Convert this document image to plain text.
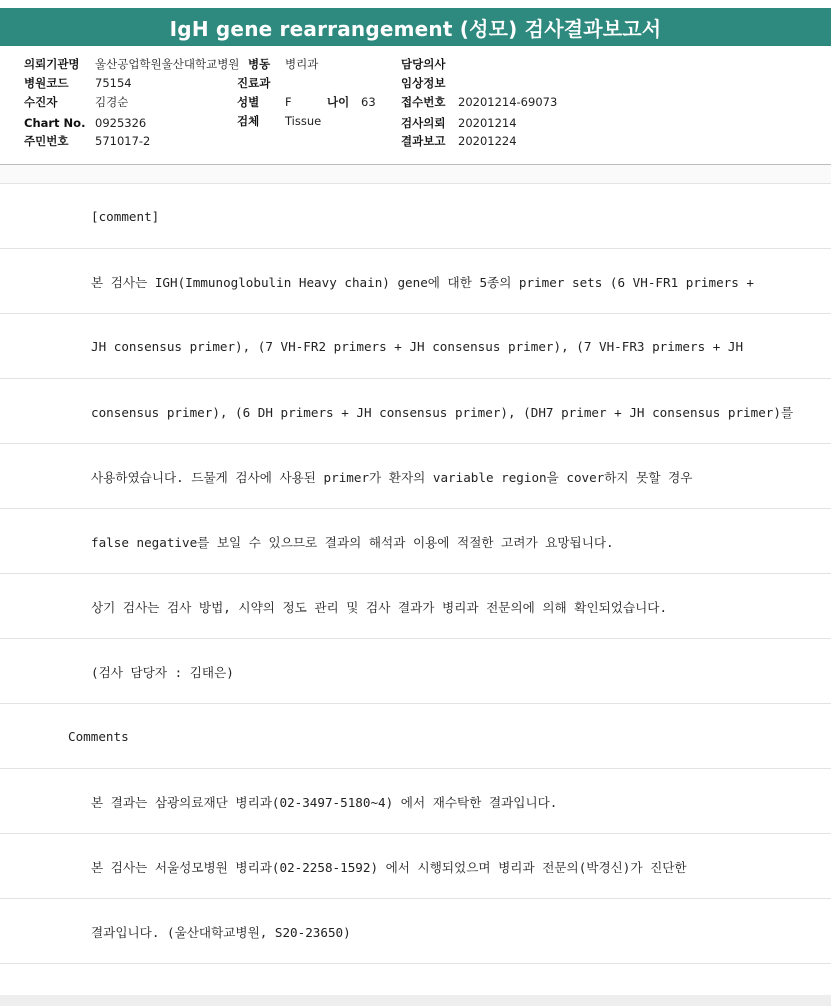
IgH gene rearrangement (성모) 검사결과보고서
의뢰기관명 울산공업학원울산대학교병원 병동 병리과	담당의사
병원코드 75154	진료과	임상정보
수진자	김경순	성별 F	나이 63 접수번호 20201214-69073
Chart No. 0925326	검체 Tissue	검사의뢰 20201214
주민번호 571017-2	결과보고 20201224
[comment]
본 검사는 IGH(Immunoglobulin Heavy chain) gene에 대한 5종의 primer sets (6 VH-FR1 primers +
JH consensus primer), (7 VH-FR2 primers + JH consensus primer), (7 VH-FR3 primers + JH
consensus primer), (6 DH primers + JH consensus primer), (DH7 primer + JH consensus primer)를
사용하였습니다. 드물게 검사에 사용된 primer가 환자의 variable region을 cover하지 못할 경우
false negative를 보일 수 있으므로 결과의 해석과 이용에 적절한 고려가 요망됩니다.
상기 검사는 검사 방법, 시약의 정도 관리 및 검사 결과가 병리과 전문의에 의해 확인되었습니다.
(검사 담당자 : 김태은)
Comments
본 결과는 삼광의료재단 병리과(02-3497-5180~4) 에서 재수탁한 결과입니다.
본 검사는 서울성모병원 병리과(02-2258-1592) 에서 시행되었으며 병리과 전문의(박경신)가 진단한
결과입니다. (울산대학교병원, S20-23650)
